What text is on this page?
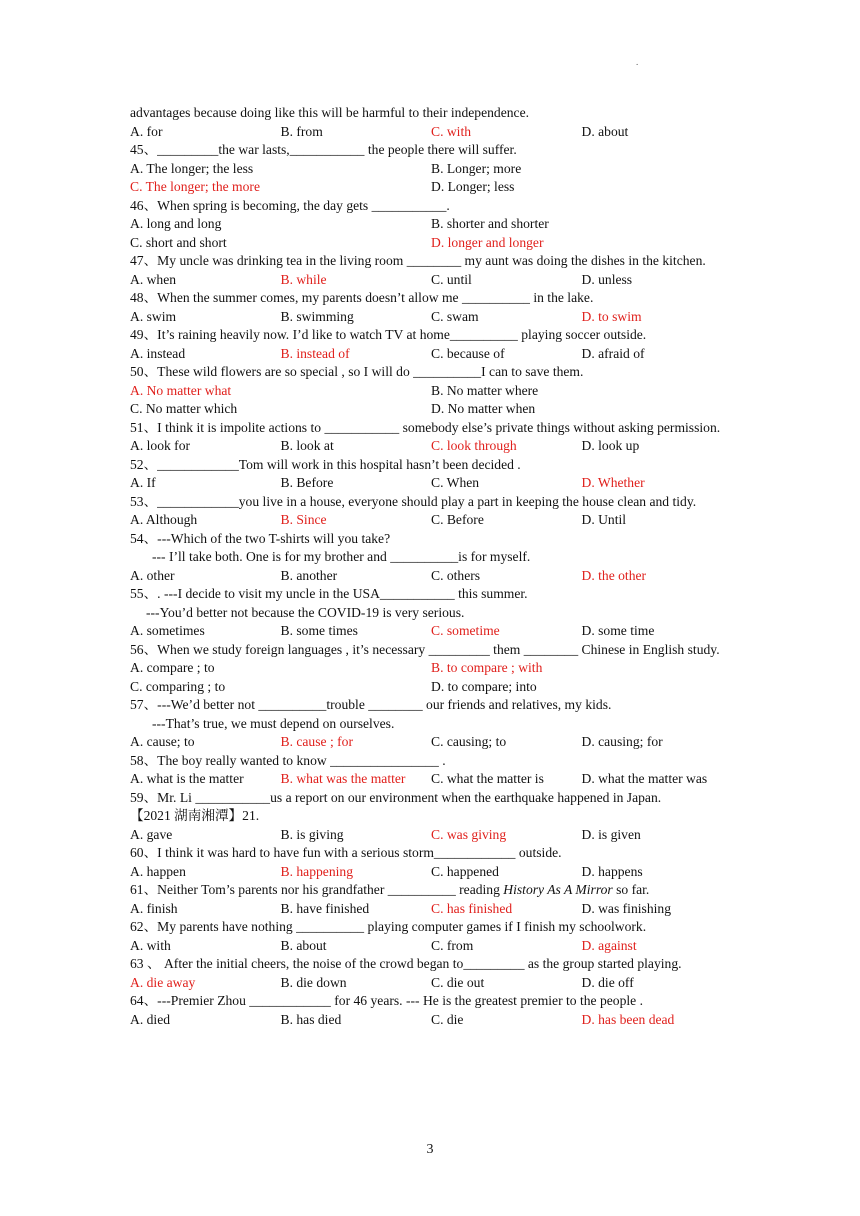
.
advantages because doing like this will be harmful to their independence.
A. for	B. from	C. with	D. about
45、_________the war lasts,___________ the people there will suffer.
A. The longer; the less	B. Longer; more
C. The longer; the more	D. Longer; less
46、When spring is becoming, the day gets ___________.
A. long and long	B. shorter and shorter
C. short and short	D. longer and longer
47、My uncle was drinking tea in the living room ________ my aunt was doing the dishes in the kitchen.
A. when	B. while	C. until	D. unless
48、When the summer comes, my parents doesn’t allow me __________ in the lake.
A. swim	B. swimming	C. swam	D. to swim
49、It’s raining heavily now. I’d like to watch TV at home__________ playing soccer outside.
A. instead	B. instead of	C. because of	D. afraid of
50、These wild flowers are so special , so I will do __________I can to save them.
A. No matter what	B. No matter where
C. No matter which	D. No matter when
51、I think it is impolite actions to ___________ somebody else’s private things without asking permission.
A. look for	B. look at	C. look through	D. look up
52、____________Tom will work in this hospital hasn’t been decided .
A. If	B. Before	C. When	D. Whether
53、____________you live in a house, everyone should play a part in keeping the house clean and tidy.
A. Although	B. Since	C. Before	D. Until
54、---Which of the two T-shirts will you take?
--- I’ll take both. One is for my brother and __________is for myself.
A. other	B. another	C. others	D. the other
55、. ---I decide to visit my uncle in the USA___________ this summer.
---You’d better not because the COVID-19 is very serious.
A. sometimes	B. some times	C. sometime	D. some time
56、When we study foreign languages , it’s necessary _________ them ________ Chinese in English study.
A. compare ; to	B. to compare ; with
C. comparing ; to	D. to compare; into
57、---We’d better not __________trouble ________ our friends and relatives, my kids.
---That’s true, we must depend on ourselves.
A. cause; to	B. cause ; for	C. causing; to	D. causing; for
58、The boy really wanted to know ________________ .
A. what is the matter	B. what was the matter	C. what the matter is	D. what the matter was
59、Mr. Li ___________us a report on our environment when the earthquake happened in Japan.
【2021 湖南湘潭】21.
A. gave	B. is giving	C. was giving	D. is given
60、I think it was hard to have fun with a serious storm____________ outside.
A. happen	B. happening	C. happened	D. happens
61、Neither Tom’s parents nor his grandfather __________ reading History As A Mirror so far.
A. finish	B. have finished	C. has finished	D. was finishing
62、My parents have nothing __________ playing computer games if I finish my schoolwork.
A. with	B. about	C. from	D. against
63 、 After the initial cheers, the noise of the crowd began to_________ as the group started playing.
A. die away	B. die down	C. die out	D. die off
64、---Premier Zhou ____________ for 46 years. --- He is the greatest premier to the people .
A. died	B. has died	C. die	D. has been dead
3
